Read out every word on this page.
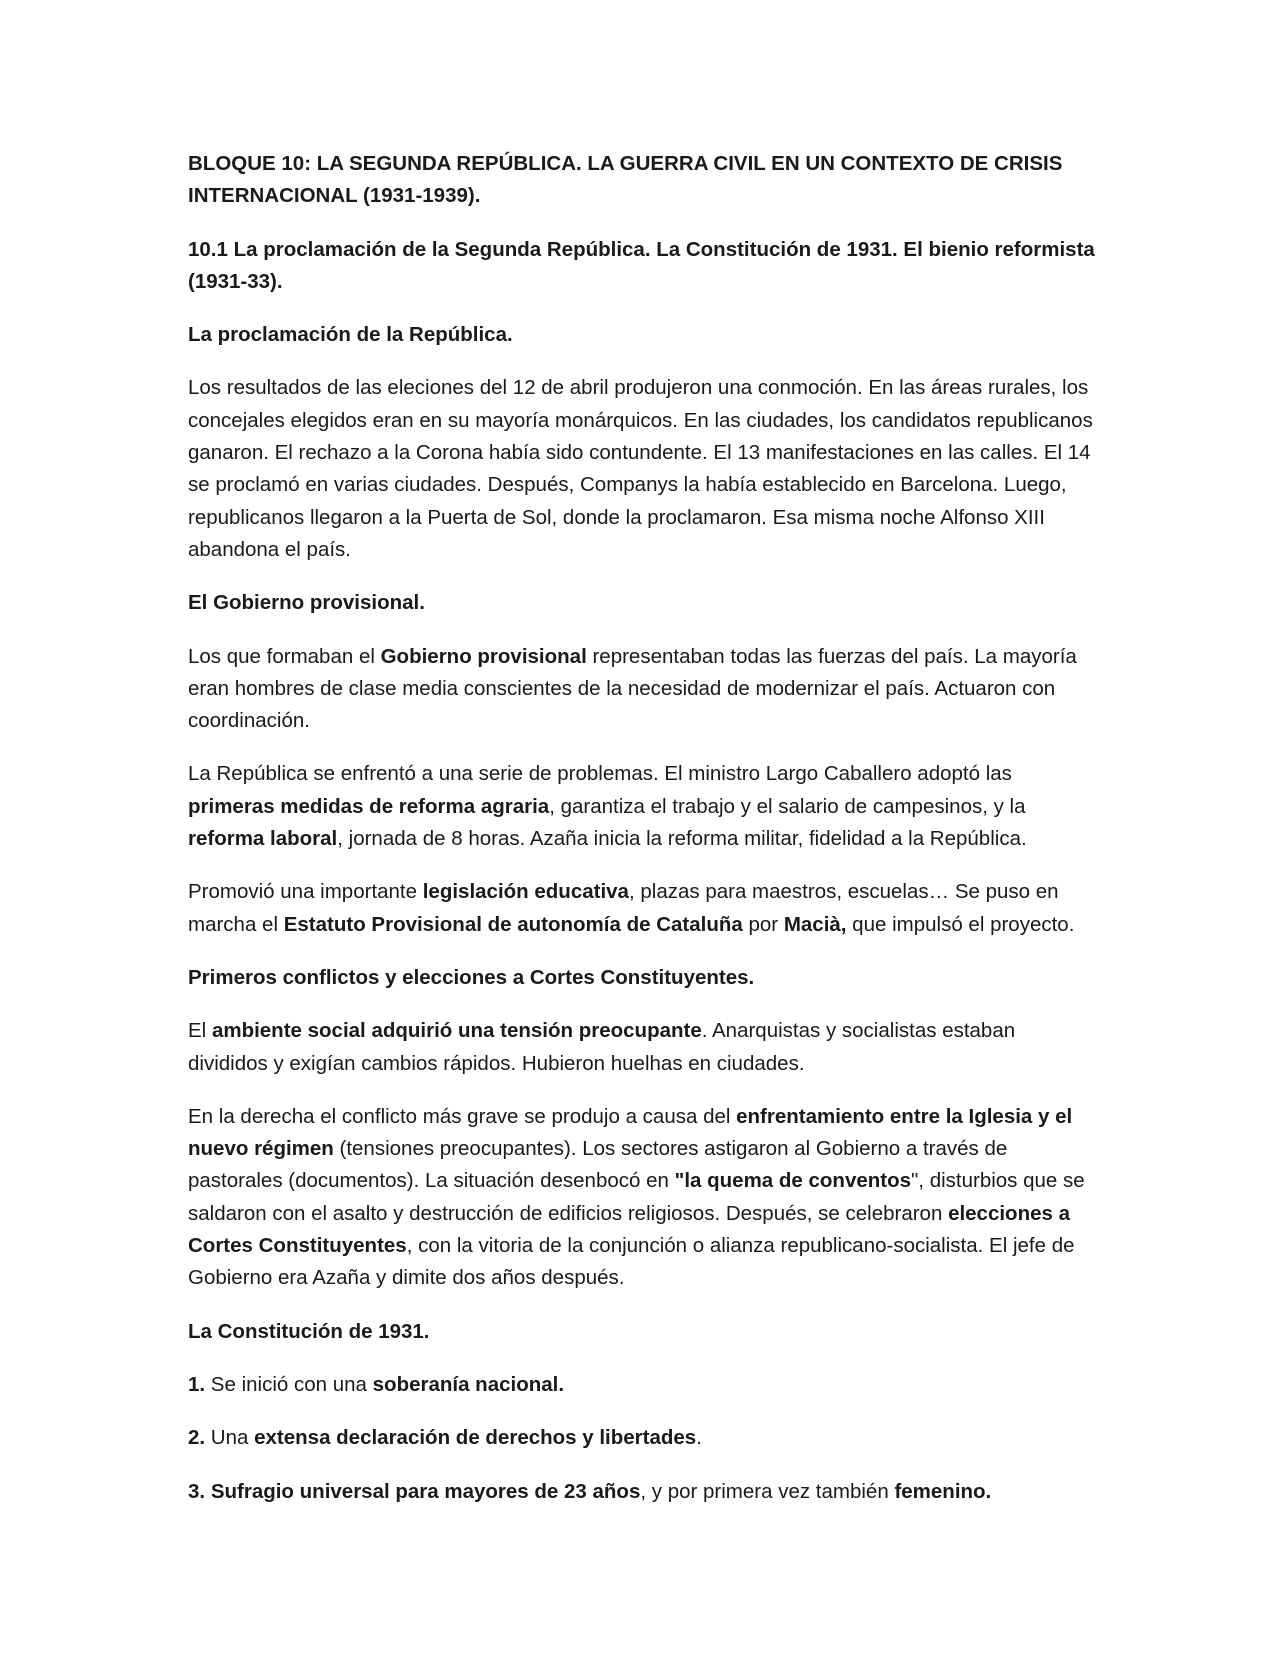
BLOQUE 10: LA SEGUNDA REPÚBLICA. LA GUERRA CIVIL EN UN CONTEXTO DE CRISIS INTERNACIONAL (1931-1939).

10.1 La proclamación de la Segunda República. La Constitución de 1931. El bienio reformista (1931-33).

La proclamación de la República.

Los resultados de las eleciones del 12 de abril produjeron una conmoción. En las áreas rurales, los concejales elegidos eran en su mayoría monárquicos. En las ciudades, los candidatos republicanos ganaron. El rechazo a la Corona había sido contundente. El 13 manifestaciones en las calles. El 14 se proclamó en varias ciudades. Después, Companys la había establecido en Barcelona. Luego, republicanos llegaron a la Puerta de Sol, donde la proclamaron. Esa misma noche Alfonso XIII abandona el país.

El Gobierno provisional.

Los que formaban el Gobierno provisional representaban todas las fuerzas del país. La mayoría eran hombres de clase media conscientes de la necesidad de modernizar el país. Actuaron con coordinación.

La República se enfrentó a una serie de problemas. El ministro Largo Caballero adoptó las primeras medidas de reforma agraria, garantiza el trabajo y el salario de campesinos, y la reforma laboral, jornada de 8 horas. Azaña inicia la reforma militar, fidelidad a la República.

Promovió una importante legislación educativa, plazas para maestros, escuelas… Se puso en marcha el Estatuto Provisional de autonomía de Cataluña por Macià, que impulsó el proyecto.

Primeros conflictos y elecciones a Cortes Constituyentes.

El ambiente social adquirió una tensión preocupante. Anarquistas y socialistas estaban divididos y exigían cambios rápidos. Hubieron huelhas en ciudades.

En la derecha el conflicto más grave se produjo a causa del enfrentamiento entre la Iglesia y el nuevo régimen (tensiones preocupantes). Los sectores astigaron al Gobierno a través de pastorales (documentos). La situación desenbocó en "la quema de conventos", disturbios que se saldaron con el asalto y destrucción de edificios religiosos. Después, se celebraron elecciones a Cortes Constituyentes, con la vitoria de la conjunción o alianza republicano-socialista. El jefe de Gobierno era Azaña y dimite dos años después.

La Constitución de 1931.

1. Se inició con una soberanía nacional.

2. Una extensa declaración de derechos y libertades.

3. Sufragio universal para mayores de 23 años, y por primera vez también femenino.
